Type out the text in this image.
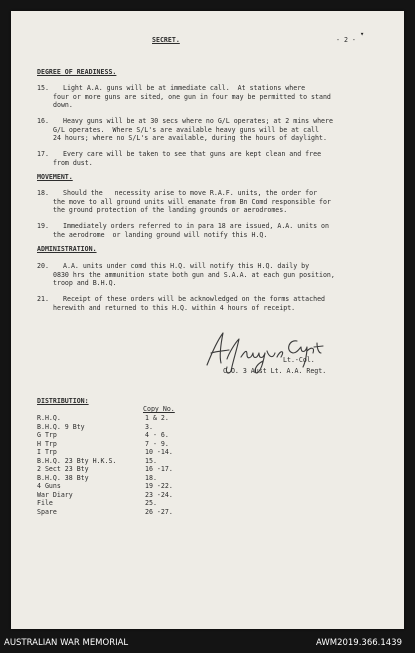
SECRET.	- 2 -
▾
DEGREE OF READINESS.
15. Light A.A. guns will be at immediate call.  At stations where
four or more guns are sited, one gun in four may be permitted to stand
down.
16. Heavy guns will be at 30 secs where no G/L operates; at 2 mins where
G/L operates.  Where S/L's are available heavy guns will be at call
24 hours; where no S/L's are available, during the hours of daylight.
17. Every care will be taken to see that guns are kept clean and free
from dust.
MOVEMENT.
18. Should the   necessity arise to move R.A.F. units, the order for
the move to all ground units will emanate from Bn Comd responsible for
the ground protection of the landing grounds or aerodromes.
19. Immediately orders referred to in para 18 are issued, A.A. units on
the aerodrome  or landing ground will notify this H.Q.
ADMINISTRATION.
20. A.A. units under comd this H.Q. will notify this H.Q. daily by
0830 hrs the ammunition state both gun and S.A.A. at each gun position,
troop and B.H.Q.
21. Receipt of these orders will be acknowledged on the forms attached
herewith and returned to this H.Q. within 4 hours of receipt.
Lt.-Col.
C.O. 3 Aust Lt. A.A. Regt.
DISTRIBUTION:
Copy No.
R.H.Q.	1 & 2.
B.H.Q. 9 Bty	3.
G Trp	4 - 6.
H Trp	7 - 9.
I Trp	10 -14.
B.H.Q. 23 Bty H.K.S.	15.
2 Sect 23 Bty	16 -17.
B.H.Q. 38 Bty	18.
4 Guns	19 -22.
War Diary	23 -24.
File	25.
Spare	26 -27.
AUSTRALIAN WAR MEMORIAL	AWM2019.366.1439
